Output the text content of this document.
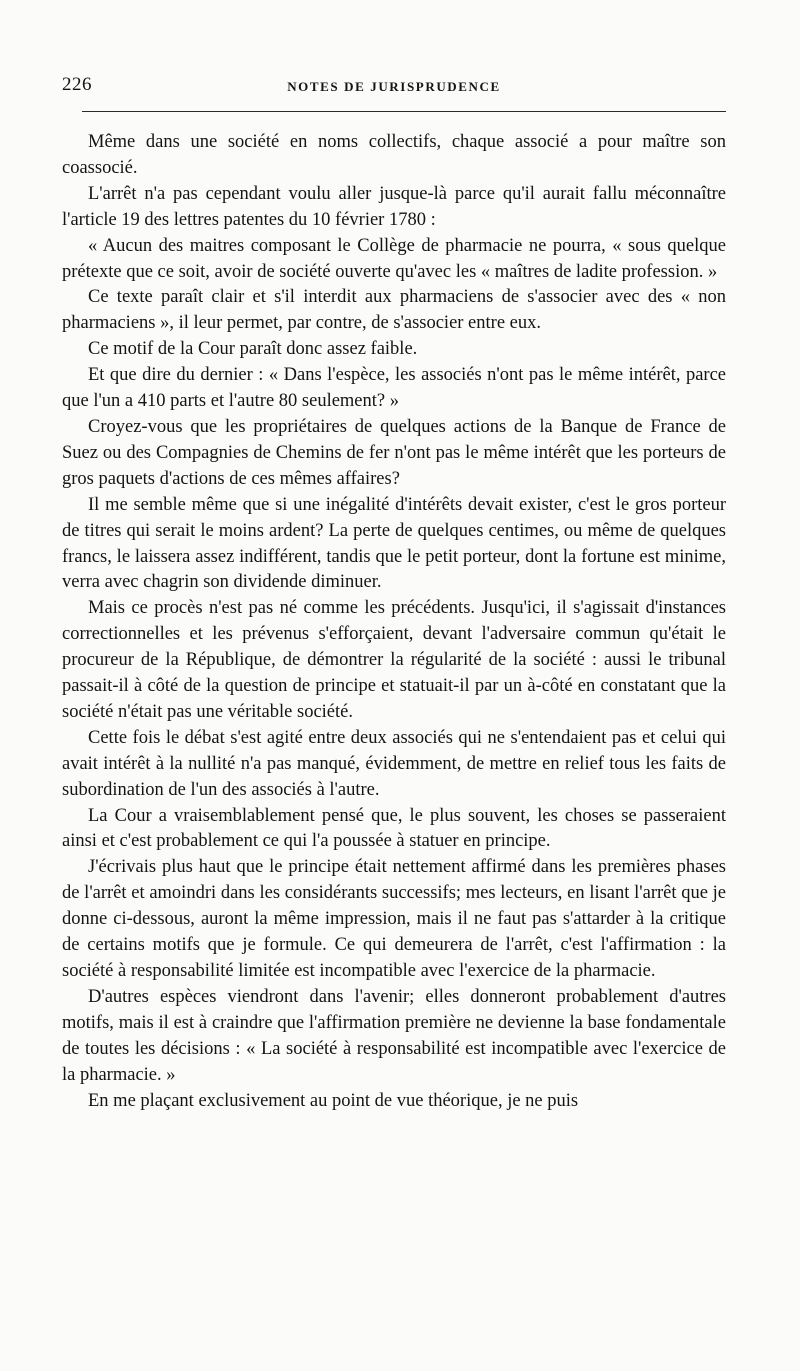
226	NOTES DE JURISPRUDENCE

Même dans une société en noms collectifs, chaque associé a pour maître son coassocié.

L'arrêt n'a pas cependant voulu aller jusque-là parce qu'il aurait fallu méconnaître l'article 19 des lettres patentes du 10 février 1780 :

« Aucun des maitres composant le Collège de pharmacie ne pourra, « sous quelque prétexte que ce soit, avoir de société ouverte qu'avec les « maîtres de ladite profession. »

Ce texte paraît clair et s'il interdit aux pharmaciens de s'associer avec des « non pharmaciens », il leur permet, par contre, de s'associer entre eux.

Ce motif de la Cour paraît donc assez faible.

Et que dire du dernier : « Dans l'espèce, les associés n'ont pas le même intérêt, parce que l'un a 410 parts et l'autre 80 seulement? »

Croyez-vous que les propriétaires de quelques actions de la Banque de France de Suez ou des Compagnies de Chemins de fer n'ont pas le même intérêt que les porteurs de gros paquets d'actions de ces mêmes affaires?

Il me semble même que si une inégalité d'intérêts devait exister, c'est le gros porteur de titres qui serait le moins ardent? La perte de quelques centimes, ou même de quelques francs, le laissera assez indifférent, tandis que le petit porteur, dont la fortune est minime, verra avec chagrin son dividende diminuer.

Mais ce procès n'est pas né comme les précédents. Jusqu'ici, il s'agissait d'instances correctionnelles et les prévenus s'efforçaient, devant l'adversaire commun qu'était le procureur de la République, de démontrer la régularité de la société : aussi le tribunal passait-il à côté de la question de principe et statuait-il par un à-côté en constatant que la société n'était pas une véritable société.

Cette fois le débat s'est agité entre deux associés qui ne s'entendaient pas et celui qui avait intérêt à la nullité n'a pas manqué, évidemment, de mettre en relief tous les faits de subordination de l'un des associés à l'autre.

La Cour a vraisemblablement pensé que, le plus souvent, les choses se passeraient ainsi et c'est probablement ce qui l'a poussée à statuer en principe.

J'écrivais plus haut que le principe était nettement affirmé dans les premières phases de l'arrêt et amoindri dans les considérants successifs; mes lecteurs, en lisant l'arrêt que je donne ci-dessous, auront la même impression, mais il ne faut pas s'attarder à la critique de certains motifs que je formule. Ce qui demeurera de l'arrêt, c'est l'affirmation : la société à responsabilité limitée est incompatible avec l'exercice de la pharmacie.

D'autres espèces viendront dans l'avenir; elles donneront probablement d'autres motifs, mais il est à craindre que l'affirmation première ne devienne la base fondamentale de toutes les décisions : « La société à responsabilité est incompatible avec l'exercice de la pharmacie. »

En me plaçant exclusivement au point de vue théorique, je ne puis
